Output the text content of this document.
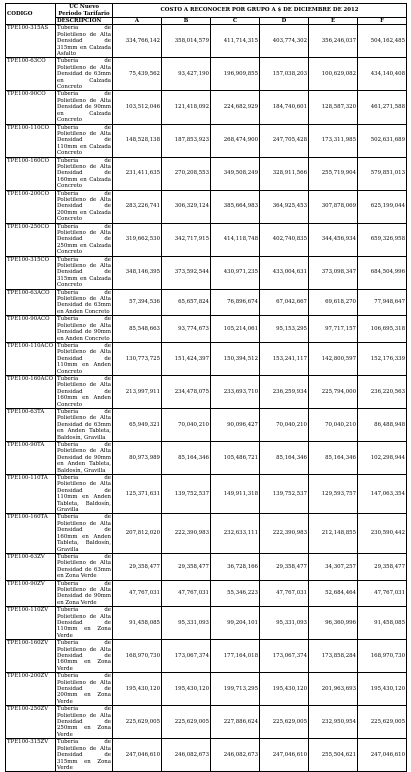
CODIGO	UC Nuevo Periodo Tarifario	COSTO A RECONOCER POR GRUPO A $ DE DICIEMBRE DE 2012					
	DESCRIPCIÓN	A	B	C	D	E	F
TPE100-315AS	Tubería de Polietileno de Alta Densidad de 315mm en Calzada Asfalto	334,766,142	358,014,579	411,714,315	403,774,302	356,246,037	504,162,485
TPE100-63CO	Tubería de Polietileno de Alta Densidad de 63mm en Calzada Concreto	75,439,562	93,427,190	196,909,855	157,038,203	100,629,082	434,140,408
TPE100-90CO	Tubería de Polietileno de Alta Densidad de 90mm en Calzada Concreto	103,512,046	121,418,092	224,682,929	184,740,601	128,587,320	461,271,588
TPE100-110CO	Tubería de Polietileno de Alta Densidad de 110mm en Calzada Concreto	148,528,138	187,853,923	268,474,900	247,705,428	173,311,985	502,631,689
TPE100-160CO	Tubería de Polietileno de Alta Densidad de 160mm en Calzada Concreto	231,411,635	270,208,553	349,508,249	328,911,566	255,719,904	579,851,013
TPE100-200CO	Tubería de Polietileno de Alta Densidad de 200mm en Calzada Concreto	283,226,741	306,329,124	385,664,983	364,925,453	307,878,069	625,199,044
TPE100-250CO	Tubería de Polietileno de Alta Densidad de 250mm en Calzada Concreto	319,662,530	342,717,915	414,118,748	402,740,835	344,456,934	659,326,958
TPE100-315CO	Tubería de Polietileno de Alta Densidad de 315mm en Calzada Concreto	348,146,395	373,592,544	430,971,235	433,004,631	373,098,347	684,504,996
TPE100-63ACO	Tubería de Polietileno de Alta Densidad de 63mm en Anden Concreto	57,394,536	65,657,824	76,896,674	67,042,667	69,618,270	77,948,647
TPE100-90ACO	Tubería de Polietileno de Alta Densidad de 90mm en Anden Concreto	85,548,663	93,774,673	105,214,061	95,153,295	97,717,157	106,695,318
TPE100-110ACO	Tubería de Polietileno de Alta Densidad de 110mm en Anden Concreto	130,773,725	151,424,397	150,394,512	153,241,117	142,800,597	152,176,339
TPE100-160ACO	Tubería de Polietileno de Alta Densidad de 160mm en Anden Concreto	213,997,911	234,478,075	233,693,710	236,259,934	225,794,000	236,220,563
TPE100-63TA	Tubería de Polietileno de Alta Densidad de 63mm en Anden Tableta, Baldosín, Gravilla	65,949,321	70,040,210	90,096,427	70,040,210	70,040,210	86,488,948
TPE100-90TA	Tubería de Polietileno de Alta Densidad de 90mm en Anden Tableta, Baldosín, Gravilla	80,973,989	85,164,346	105,486,721	85,164,346	85,164,346	102,298,944
TPE100-110TA	Tubería de Polietileno de Alta Densidad de 110mm en Anden Tableta, Baldosín, Gravilla	125,371,631	139,752,537	149,911,318	139,752,537	129,593,757	147,063,354
TPE100-160TA	Tubería de Polietileno de Alta Densidad de 160mm en Anden Tableta, Baldosín, Gravilla	207,812,020	222,390,983	232,633,111	222,390,983	212,148,855	230,590,442
TPE100-63ZV	Tubería de Polietileno de Alta Densidad de 63mm en Zona Verde	29,358,477	29,358,477	36,728,166	29,358,477	34,307,257	29,358,477
TPE100-90ZV	Tubería de Polietileno de Alta Densidad de 90mm en Zona Verde	47,767,031	47,767,031	55,346,223	47,767,031	52,684,464	47,767,031
TPE100-110ZV	Tubería de Polietileno de Alta Densidad de 110mm en Zona Verde	91,458,085	95,331,093	99,204,101	95,331,093	96,360,996	91,458,085
TPE100-160ZV	Tubería de Polietileno de Alta Densidad de 160mm en Zona Verde	168,970,730	173,067,374	177,164,018	173,067,374	173,858,284	168,970,730
TPE100-200ZV	Tubería de Polietileno de Alta Densidad de 200mm en Zona Verde	195,430,120	195,430,120	199,713,295	195,430,120	201,963,693	195,430,120
TPE100-250ZV	Tubería de Polietileno de Alta Densidad de 250mm en Zona Verde	225,629,005	225,629,005	227,886,624	225,629,005	232,950,954	225,629,005
TPE100-315ZV	Tubería de Polietileno de Alta Densidad de 315mm en Zona Verde	247,046,610	246,082,673	246,082,673	247,046,610	255,504,621	247,046,610
